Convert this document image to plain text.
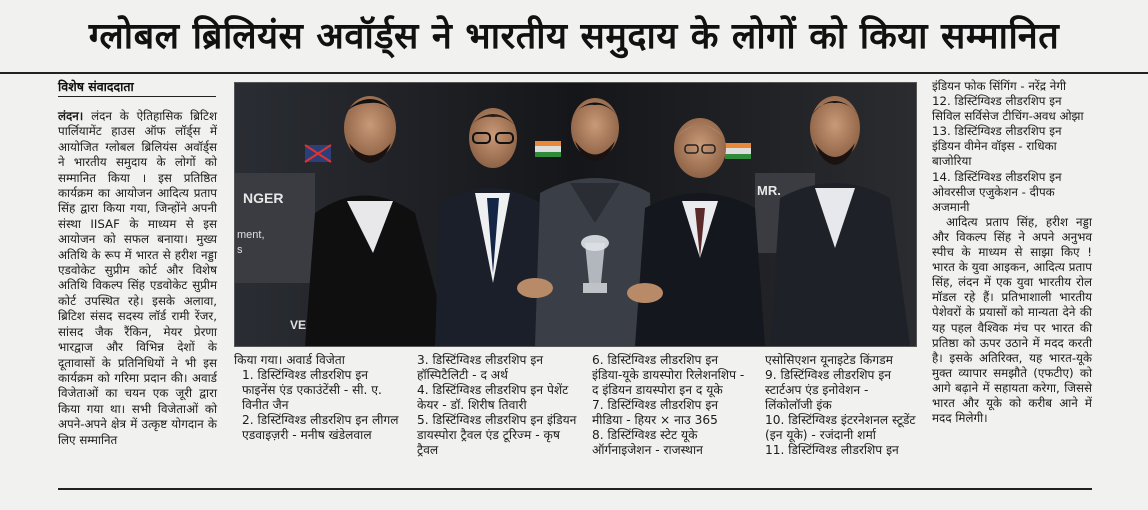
ग्लोबल ब्रिलियंस अवॉर्ड्स ने भारतीय समुदाय के लोगों को किया सम्मानित
विशेष संवाददाता

लंदन। लंदन के ऐतिहासिक ब्रिटिश पार्लियामेंट हाउस ऑफ लॉर्ड्स में आयोजित ग्लोबल ब्रिलियंस अवॉर्ड्स ने भारतीय समुदाय के लोगों को सम्मानित किया । इस प्रतिष्ठित कार्यक्रम का आयोजन आदित्य प्रताप सिंह द्वारा किया गया, जिन्होंने अपनी संस्था IISAF के माध्यम से इस आयोजन को सफल बनाया। मुख्य अतिथि के रूप में भारत से हरीश नड्डा एडवोकेट सुप्रीम कोर्ट और विशेष अतिथि विकल्प सिंह एडवोकेट सुप्रीम कोर्ट उपस्थित रहे। इसके अलावा, ब्रिटिश संसद सदस्य लॉर्ड रामी रेंजर, सांसद जैक रैंकिन, मेयर प्रेरणा भारद्वाज और विभिन्न देशों के दूतावासों के प्रतिनिधियों ने भी इस कार्यक्रम को गरिमा प्रदान की। अवार्ड विजेताओं का चयन एक जूरी द्वारा किया गया था। सभी विजेताओं को अपने-अपने क्षेत्र में उत्कृष्ट योगदान के लिए सम्मानित

NGER
ment,
s
MR.
VE
किया गया। अवार्ड विजेता
1. डिस्टिंग्विश्ड लीडरशिप इन फाइनेंस एंड एकाउंटेंसी - सी. ए. विनीत जैन
2. डिस्टिंग्विश्ड लीडरशिप इन लीगल एडवाइज़री - मनीष खंडेलवाल
3. डिस्टिंग्विश्ड लीडरशिप इन हॉस्पिटैलिटी - द अर्थ
4. डिस्टिंग्विश्ड लीडरशिप इन पेशेंट केयर - डॉ. शिरीष तिवारी
5. डिस्टिंग्विश्ड लीडरशिप इन इंडियन डायस्पोरा ट्रैवल एंड टूरिज्म - कृष ट्रैवल
6. डिस्टिंग्विश्ड लीडरशिप इन इंडिया-यूके डायस्पोरा रिलेशनशिप - द इंडियन डायस्पोरा इन द यूके
7. डिस्टिंग्विश्ड लीडरशिप इन मीडिया - हियर × नाउ 365
8. डिस्टिंग्विश्ड स्टेट यूके ऑर्गनाइजेशन - राजस्थान
एसोसिएशन यूनाइटेड किंगडम
9. डिस्टिंग्विश्ड लीडरशिप इन स्टार्टअप एंड इनोवेशन - लिंकोलॉजी इंक
10. डिस्टिंग्विश्ड इंटरनेशनल स्टूडेंट (इन यूके) - रजंदानी शर्मा
11. डिस्टिंग्विश्ड लीडरशिप इन
इंडियन फोक सिंगिंग - नरेंद्र नेगी
12. डिस्टिंग्विश्ड लीडरशिप इन सिविल सर्विसेज टीचिंग-अवध ओझा
13. डिस्टिंग्विश्ड लीडरशिप इन इंडियन वीमेन वॉइस - राधिका बाजोरिया
14. डिस्टिंग्विश्ड लीडरशिप इन ओवरसीज एजुकेशन - दीपक अजमानी

आदित्य प्रताप सिंह, हरीश नड्डा और विकल्प सिंह ने अपने अनुभव स्पीच के माध्यम से साझा किए ! भारत के युवा आइकन, आदित्य प्रताप सिंह, लंदन में एक युवा भारतीय रोल मॉडल रहे हैं। प्रतिभाशाली भारतीय पेशेवरों के प्रयासों को मान्यता देने की यह पहल वैश्विक मंच पर भारत की प्रतिष्ठा को ऊपर उठाने में मदद करती है। इसके अतिरिक्त, यह भारत-यूके मुक्त व्यापार समझौते (एफटीए) को आगे बढ़ाने में सहायता करेगा, जिससे भारत और यूके को करीब आने में मदद मिलेगी।
